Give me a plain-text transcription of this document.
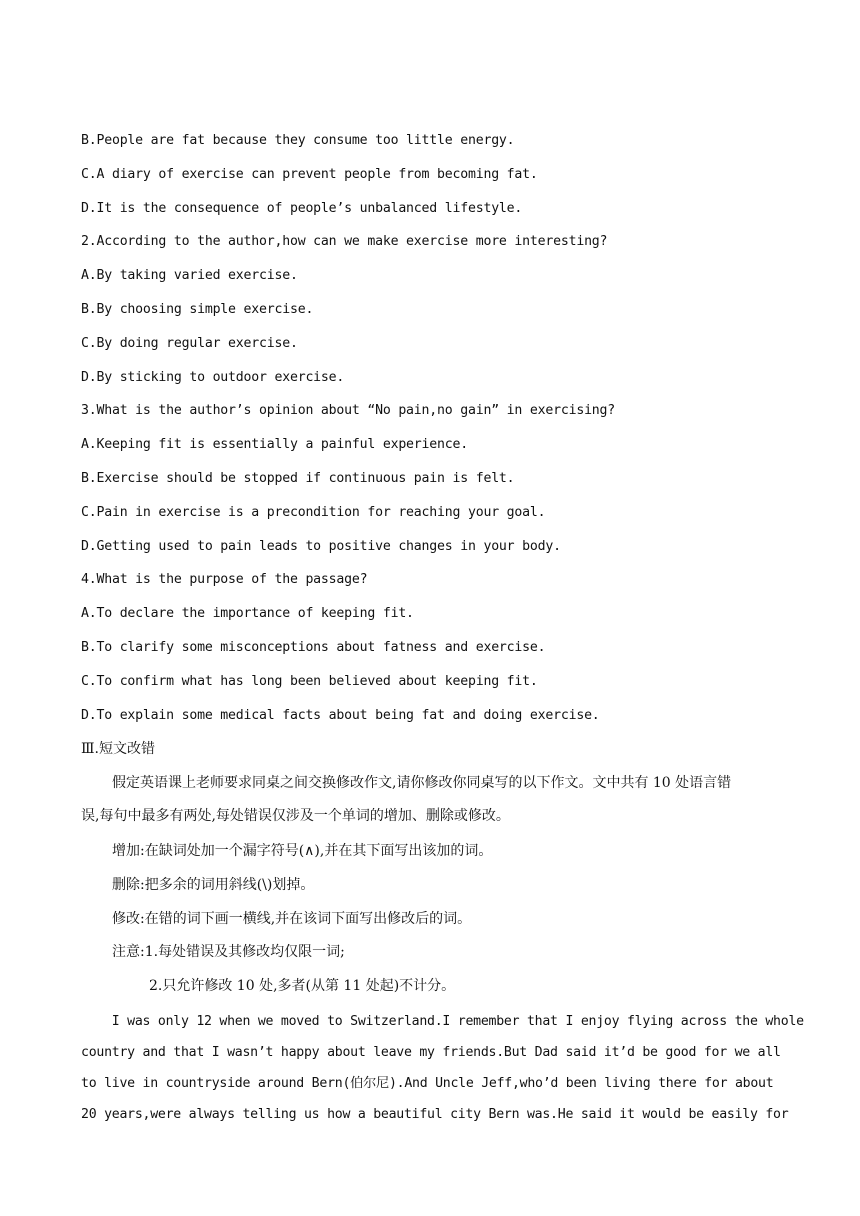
B.People are fat because they consume too little energy.
C.A diary of exercise can prevent people from becoming fat.
D.It is the consequence of people’s unbalanced lifestyle.
2.According to the author,how can we make exercise more interesting?
A.By taking varied exercise.
B.By choosing simple exercise.
C.By doing regular exercise.
D.By sticking to outdoor exercise.
3.What is the author’s opinion about “No pain,no gain” in exercising?
A.Keeping fit is essentially a painful experience.
B.Exercise should be stopped if continuous pain is felt.
C.Pain in exercise is a precondition for reaching your goal.
D.Getting used to pain leads to positive changes in your body.
4.What is the purpose of the passage?
A.To declare the importance of keeping fit.
B.To clarify some misconceptions about fatness and exercise.
C.To confirm what has long been believed about keeping fit.
D.To explain some medical facts about being fat and doing exercise.
Ⅲ.短文改错
假定英语课上老师要求同桌之间交换修改作文,请你修改你同桌写的以下作文。文中共有 10 处语言错
误,每句中最多有两处,每处错误仅涉及一个单词的增加、删除或修改。
增加:在缺词处加一个漏字符号(∧),并在其下面写出该加的词。
删除:把多余的词用斜线(\)划掉。
修改:在错的词下画一横线,并在该词下面写出修改后的词。
注意:1.每处错误及其修改均仅限一词;
2.只允许修改 10 处,多者(从第 11 处起)不计分。
I was only 12 when we moved to Switzerland.I remember that I enjoy flying across the whole
country and that I wasn’t happy about leave my friends.But Dad said it’d be good for we all
to live in countryside around Bern(伯尔尼).And Uncle Jeff,who’d been living there for about
20 years,were always telling us how a beautiful city Bern was.He said it would be easily for
